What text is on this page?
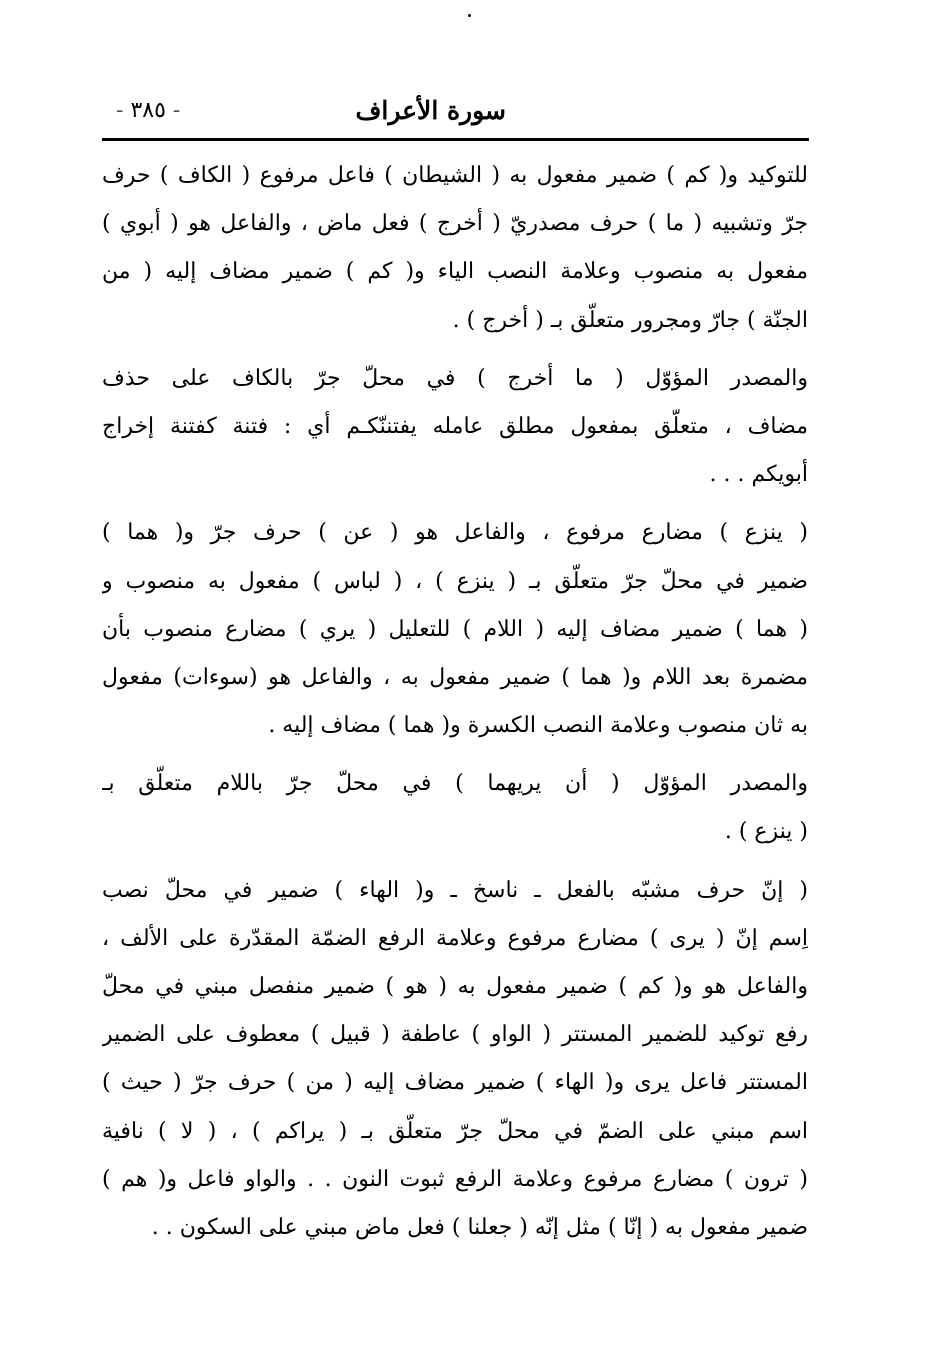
سورة الأعراف
- ٣٨٥ -
للتوكيد و( كم ) ضمير مفعول به ( الشيطان ) فاعل مرفوع ( الكاف ) حرف
جرّ وتشبيه ( ما ) حرف مصدريّ ( أخرج ) فعل ماض ، والفاعل هو ( أبوي )
مفعول به منصوب وعلامة النصب الياء و( كم ) ضمير مضاف إليه ( من
الجنّة ) جارّ ومجرور متعلّق بـ ( أخرج ) .
والمصدر المؤوّل ( ما أخرج ) في محلّ جرّ بالكاف على حذف
مضاف ، متعلّق بمفعول مطلق عامله يفتننّكـم أي : فتنة كفتنة إخراج
أبويكم . . .
( ينزع ) مضارع مرفوع ، والفاعل هو ( عن ) حرف جرّ و( هما )
ضمير في محلّ جرّ متعلّق بـ ( ينزع ) ، ( لباس ) مفعول به منصوب و
( هما ) ضمير مضاف إليه ( اللام ) للتعليل ( يري ) مضارع منصوب بأن
مضمرة بعد اللام و( هما ) ضمير مفعول به ، والفاعل هو (سوءات) مفعول
به ثان منصوب وعلامة النصب الكسرة و( هما ) مضاف إليه .
والمصدر المؤوّل ( أن يريهما ) في محلّ جرّ باللام متعلّق بـ
( ينزع ) .
( إنّ حرف مشبّه بالفعل ـ ناسخ ـ و( الهاء ) ضمير في محلّ نصب
اِسم إنّ ( يرى ) مضارع مرفوع وعلامة الرفع الضمّة المقدّرة على الألف ،
والفاعل هو و( كم ) ضمير مفعول به ( هو ) ضمير منفصل مبني في محلّ
رفع توكيد للضمير المستتر ( الواو ) عاطفة ( قبيل ) معطوف على الضمير
المستتر فاعل يرى و( الهاء ) ضمير مضاف إليه ( من ) حرف جرّ ( حيث )
اسم مبني على الضمّ في محلّ جرّ متعلّق بـ ( يراكم ) ، ( لا ) نافية
( ترون ) مضارع مرفوع وعلامة الرفع ثبوت النون . . والواو فاعل و( هم )
ضمير مفعول به ( إنّا ) مثل إنّه ( جعلنا ) فعل ماض مبني على السكون . .
